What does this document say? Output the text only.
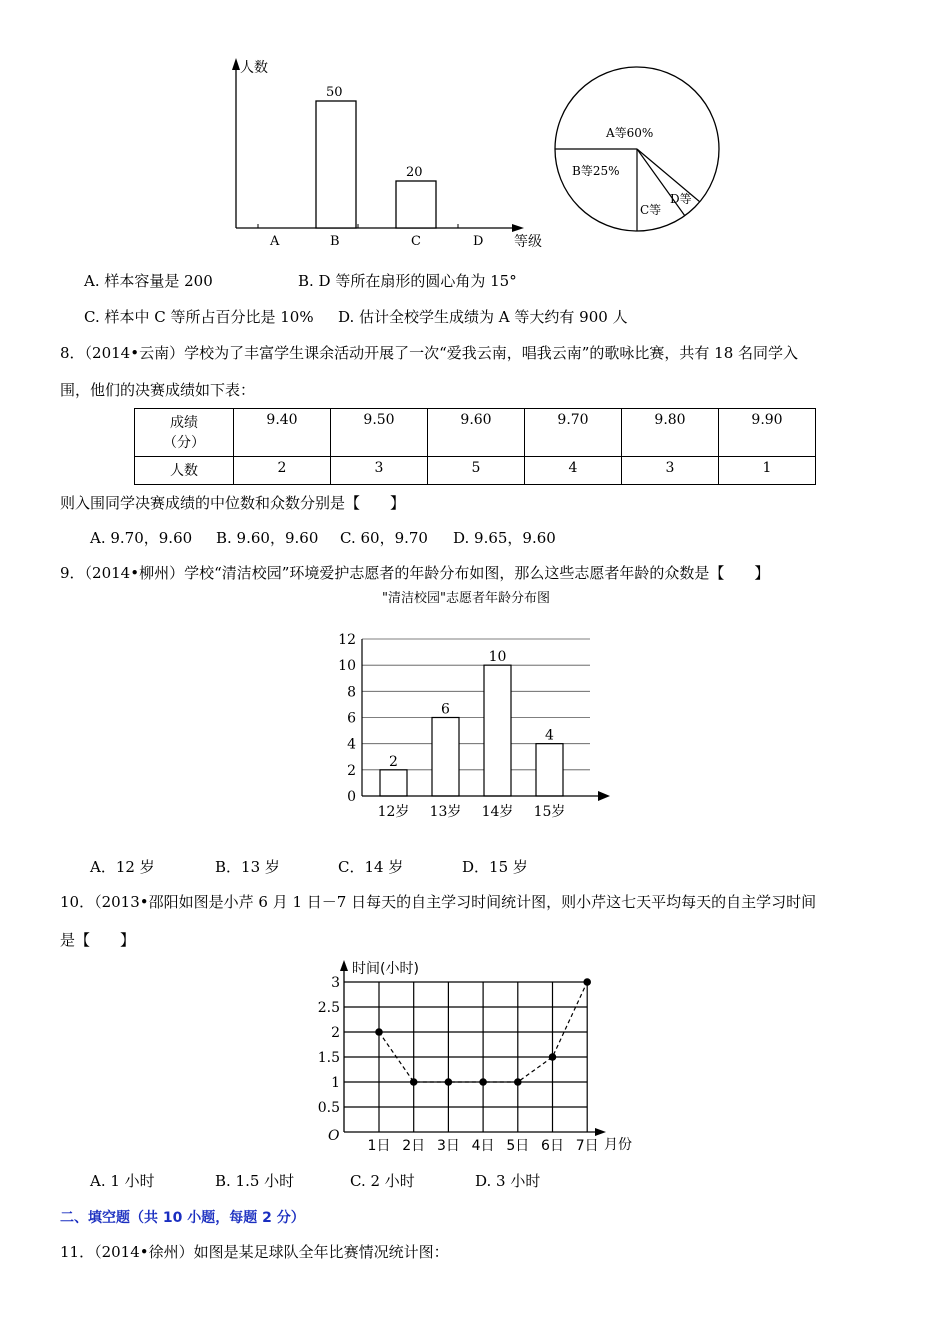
人数
等级
50
20
A	B	C	D
A等60%
B等25%
C等
D等
A. 样本容量是 200	B. D 等所在扇形的圆心角为 15°
C. 样本中 C 等所占百分比是 10% D. 估计全校学生成绩为 A 等大约有 900 人
8．（2014•云南）学校为了丰富学生课余活动开展了一次“爱我云南，唱我云南”的歌咏比赛，共有 18 名同学入
围，他们的决赛成绩如下表：
成绩
（分）	9.40	9.50	9.60	9.70	9.80	9.90
人数	2	3	5	4	3	1
则入围同学决赛成绩的中位数和众数分别是【　　】
A. 9.70，9.60 B. 9.60，9.60 C. 60，9.70 D. 9.65，9.60
9．（2014•柳州）学校“清洁校园”环境爱护志愿者的年龄分布如图，那么这些志愿者年龄的众数是【　　】
"清洁校园"志愿者年龄分布图
0
2
4
6
8
10
12
2
12岁
6
13岁
10
14岁
4
15岁
A．12 岁	B．13 岁	C．14 岁	D．15 岁
10．（2013•邵阳如图是小芹 6 月 1 日－7 日每天的自主学习时间统计图，则小芹这七天平均每天的自主学习时间
是【　　】
时间(小时)
0.5
1
1.5
2
2.5
3
1日 2日 3日 4日 5日 6日 7日
O
月份
A. 1 小时	B. 1.5 小时	C. 2 小时	D. 3 小时
二、填空题（共 10 小题，每题 2 分）
11．（2014•徐州）如图是某足球队全年比赛情况统计图：
